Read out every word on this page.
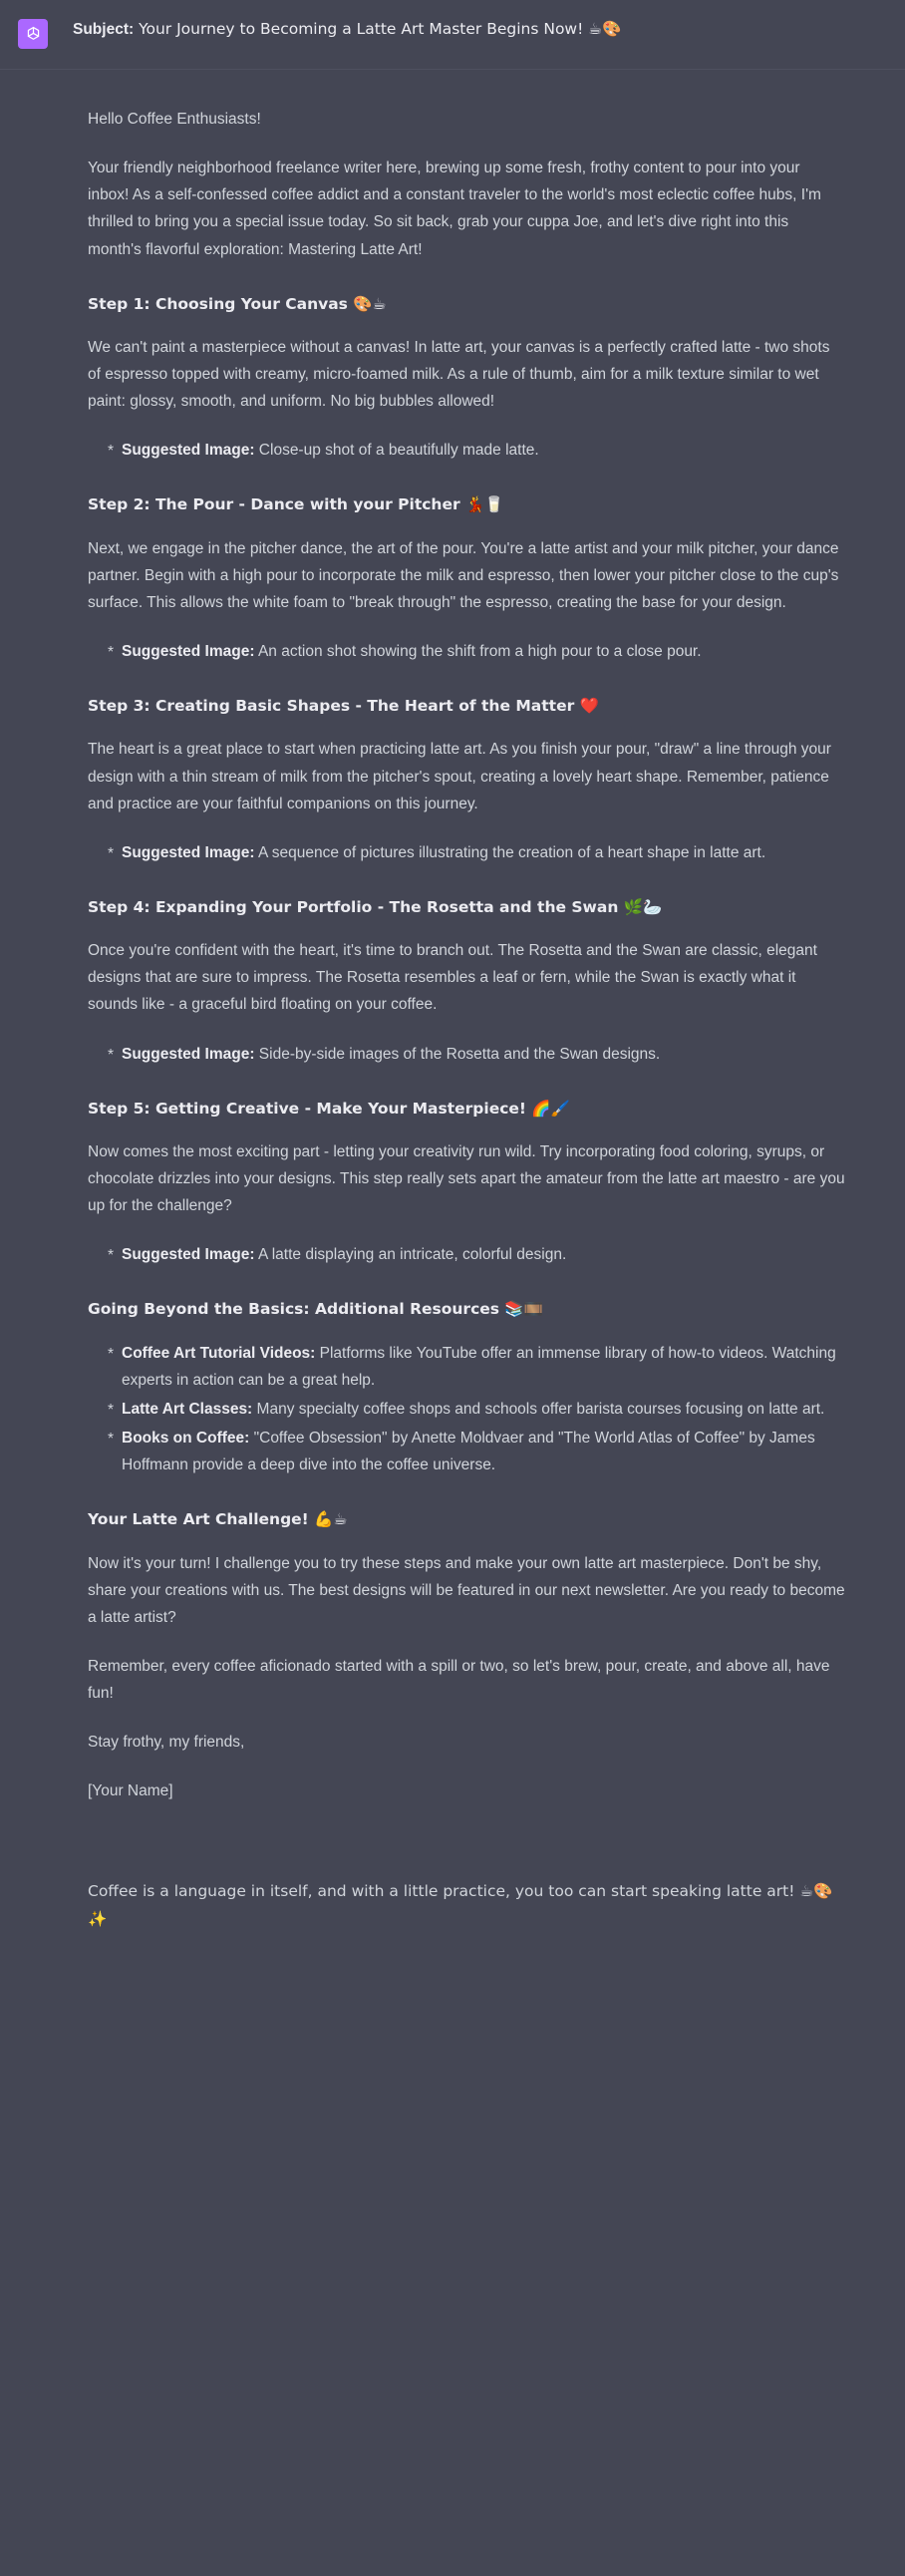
Subject: Your Journey to Becoming a Latte Art Master Begins Now! ☕🎨

Hello Coffee Enthusiasts!

Your friendly neighborhood freelance writer here, brewing up some fresh, frothy content to pour into your inbox! As a self-confessed coffee addict and a constant traveler to the world's most eclectic coffee hubs, I'm thrilled to bring you a special issue today. So sit back, grab your cuppa Joe, and let's dive right into this month's flavorful exploration: Mastering Latte Art!

Step 1: Choosing Your Canvas 🎨☕

We can't paint a masterpiece without a canvas! In latte art, your canvas is a perfectly crafted latte - two shots of espresso topped with creamy, micro-foamed milk. As a rule of thumb, aim for a milk texture similar to wet paint: glossy, smooth, and uniform. No big bubbles allowed!

* Suggested Image: Close-up shot of a beautifully made latte.
Step 2: The Pour - Dance with your Pitcher 💃🥛

Next, we engage in the pitcher dance, the art of the pour. You're a latte artist and your milk pitcher, your dance partner. Begin with a high pour to incorporate the milk and espresso, then lower your pitcher close to the cup's surface. This allows the white foam to "break through" the espresso, creating the base for your design.

* Suggested Image: An action shot showing the shift from a high pour to a close pour.
Step 3: Creating Basic Shapes - The Heart of the Matter ❤️

The heart is a great place to start when practicing latte art. As you finish your pour, "draw" a line through your design with a thin stream of milk from the pitcher's spout, creating a lovely heart shape. Remember, patience and practice are your faithful companions on this journey.

* Suggested Image: A sequence of pictures illustrating the creation of a heart shape in latte art.
Step 4: Expanding Your Portfolio - The Rosetta and the Swan 🌿🦢

Once you're confident with the heart, it's time to branch out. The Rosetta and the Swan are classic, elegant designs that are sure to impress. The Rosetta resembles a leaf or fern, while the Swan is exactly what it sounds like - a graceful bird floating on your coffee.

* Suggested Image: Side-by-side images of the Rosetta and the Swan designs.
Step 5: Getting Creative - Make Your Masterpiece! 🌈🖌️

Now comes the most exciting part - letting your creativity run wild. Try incorporating food coloring, syrups, or chocolate drizzles into your designs. This step really sets apart the amateur from the latte art maestro - are you up for the challenge?

* Suggested Image: A latte displaying an intricate, colorful design.
Going Beyond the Basics: Additional Resources 📚🎞️
* Coffee Art Tutorial Videos: Platforms like YouTube offer an immense library of how-to videos. Watching experts in action can be a great help.
* Latte Art Classes: Many specialty coffee shops and schools offer barista courses focusing on latte art.
* Books on Coffee: "Coffee Obsession" by Anette Moldvaer and "The World Atlas of Coffee" by James Hoffmann provide a deep dive into the coffee universe.
Your Latte Art Challenge! 💪☕

Now it's your turn! I challenge you to try these steps and make your own latte art masterpiece. Don't be shy, share your creations with us. The best designs will be featured in our next newsletter. Are you ready to become a latte artist?

Remember, every coffee aficionado started with a spill or two, so let's brew, pour, create, and above all, have fun!

Stay frothy, my friends,

[Your Name]

Coffee is a language in itself, and with a little practice, you too can start speaking latte art! ☕🎨✨
